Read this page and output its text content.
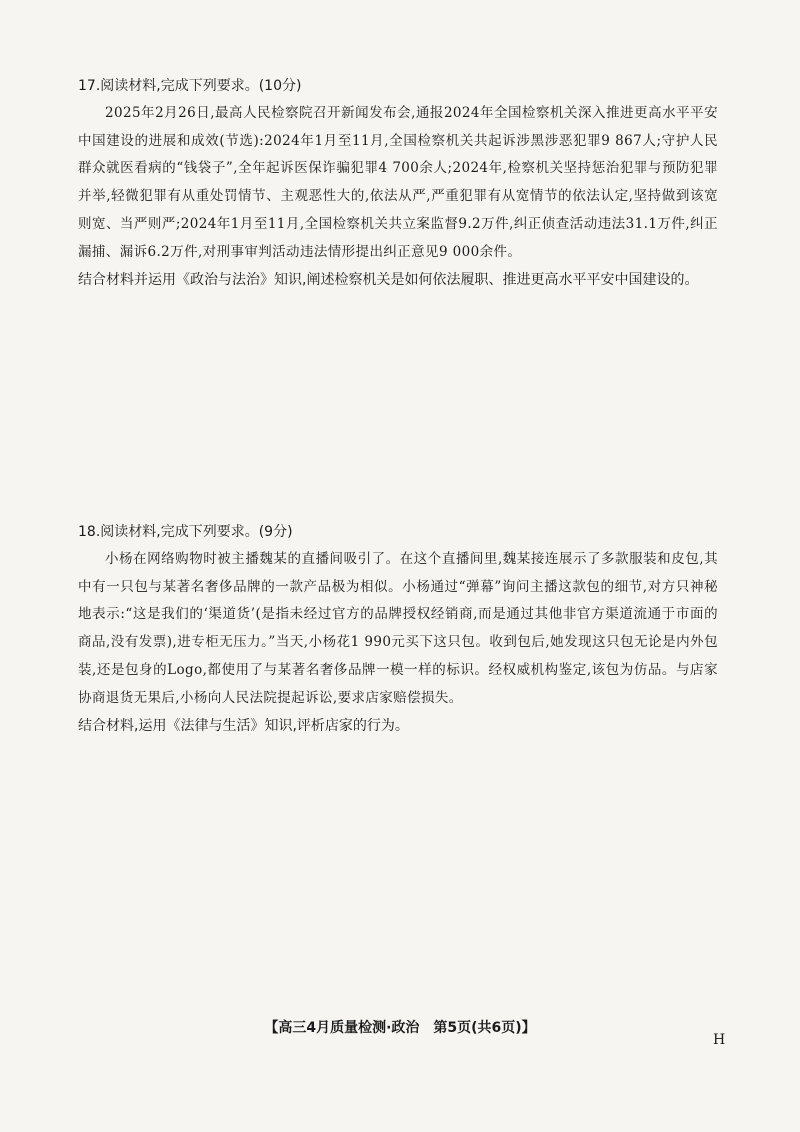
17.阅读材料,完成下列要求。(10分)

2025年2月26日,最高人民检察院召开新闻发布会,通报2024年全国检察机关深入推进更高水平平安中国建设的进展和成效(节选):2024年1月至11月,全国检察机关共起诉涉黑涉恶犯罪9 867人;守护人民群众就医看病的“钱袋子”,全年起诉医保诈骗犯罪4 700余人;2024年,检察机关坚持惩治犯罪与预防犯罪并举,轻微犯罪有从重处罚情节、主观恶性大的,依法从严,严重犯罪有从宽情节的依法认定,坚持做到该宽则宽、当严则严;2024年1月至11月,全国检察机关共立案监督9.2万件,纠正侦查活动违法31.1万件,纠正漏捕、漏诉6.2万件,对刑事审判活动违法情形提出纠正意见9 000余件。

结合材料并运用《政治与法治》知识,阐述检察机关是如何依法履职、推进更高水平平安中国建设的。

18.阅读材料,完成下列要求。(9分)

小杨在网络购物时被主播魏某的直播间吸引了。在这个直播间里,魏某接连展示了多款服装和皮包,其中有一只包与某著名奢侈品牌的一款产品极为相似。小杨通过“弹幕”询问主播这款包的细节,对方只神秘地表示:“这是我们的‘渠道货’(是指未经过官方的品牌授权经销商,而是通过其他非官方渠道流通于市面的商品,没有发票),进专柜无压力。”当天,小杨花1 990元买下这只包。收到包后,她发现这只包无论是内外包装,还是包身的Logo,都使用了与某著名奢侈品牌一模一样的标识。经权威机构鉴定,该包为仿品。与店家协商退货无果后,小杨向人民法院提起诉讼,要求店家赔偿损失。

结合材料,运用《法律与生活》知识,评析店家的行为。

【高三4月质量检测·政治　第5页(共6页)】
H
